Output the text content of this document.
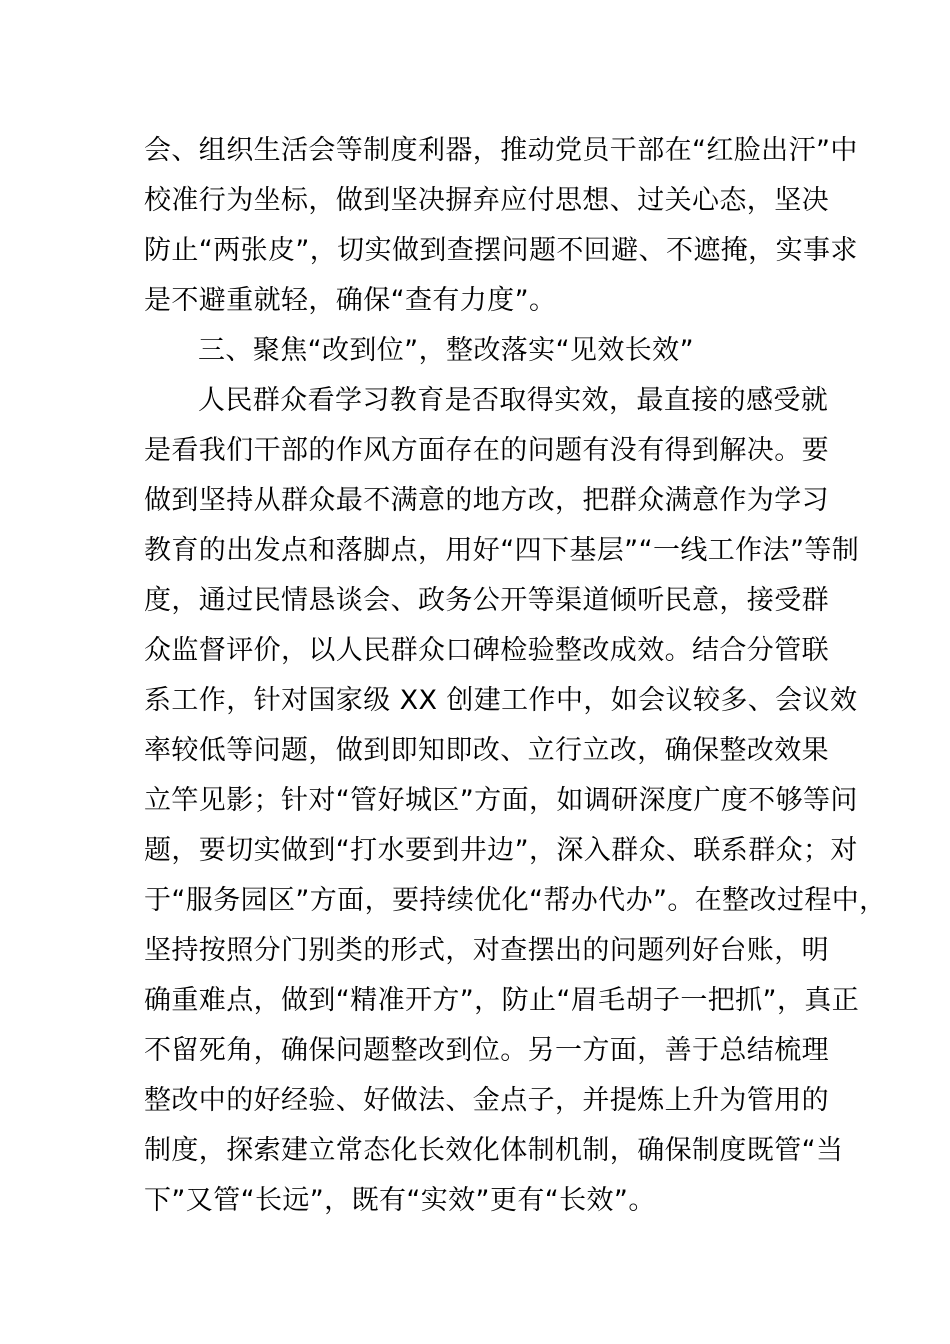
会、组织生活会等制度利器，推动党员干部在“红脸出汗”中
校准行为坐标，做到坚决摒弃应付思想、过关心态，坚决
防止“两张皮”，切实做到查摆问题不回避、不遮掩，实事求
是不避重就轻，确保“查有力度”。
三、聚焦“改到位”，整改落实“见效长效”
人民群众看学习教育是否取得实效，最直接的感受就
是看我们干部的作风方面存在的问题有没有得到解决。要
做到坚持从群众最不满意的地方改，把群众满意作为学习
教育的出发点和落脚点，用好“四下基层”“一线工作法”等制
度，通过民情恳谈会、政务公开等渠道倾听民意，接受群
众监督评价，以人民群众口碑检验整改成效。结合分管联
系工作，针对国家级 XX 创建工作中，如会议较多、会议效
率较低等问题，做到即知即改、立行立改，确保整改效果
立竿见影；针对“管好城区”方面，如调研深度广度不够等问
题，要切实做到“打水要到井边”，深入群众、联系群众；对
于“服务园区”方面，要持续优化“帮办代办”。在整改过程中，
坚持按照分门别类的形式，对查摆出的问题列好台账，明
确重难点，做到“精准开方”，防止“眉毛胡子一把抓”，真正
不留死角，确保问题整改到位。另一方面，善于总结梳理
整改中的好经验、好做法、金点子，并提炼上升为管用的
制度，探索建立常态化长效化体制机制，确保制度既管“当
下”又管“长远”，既有“实效”更有“长效”。
